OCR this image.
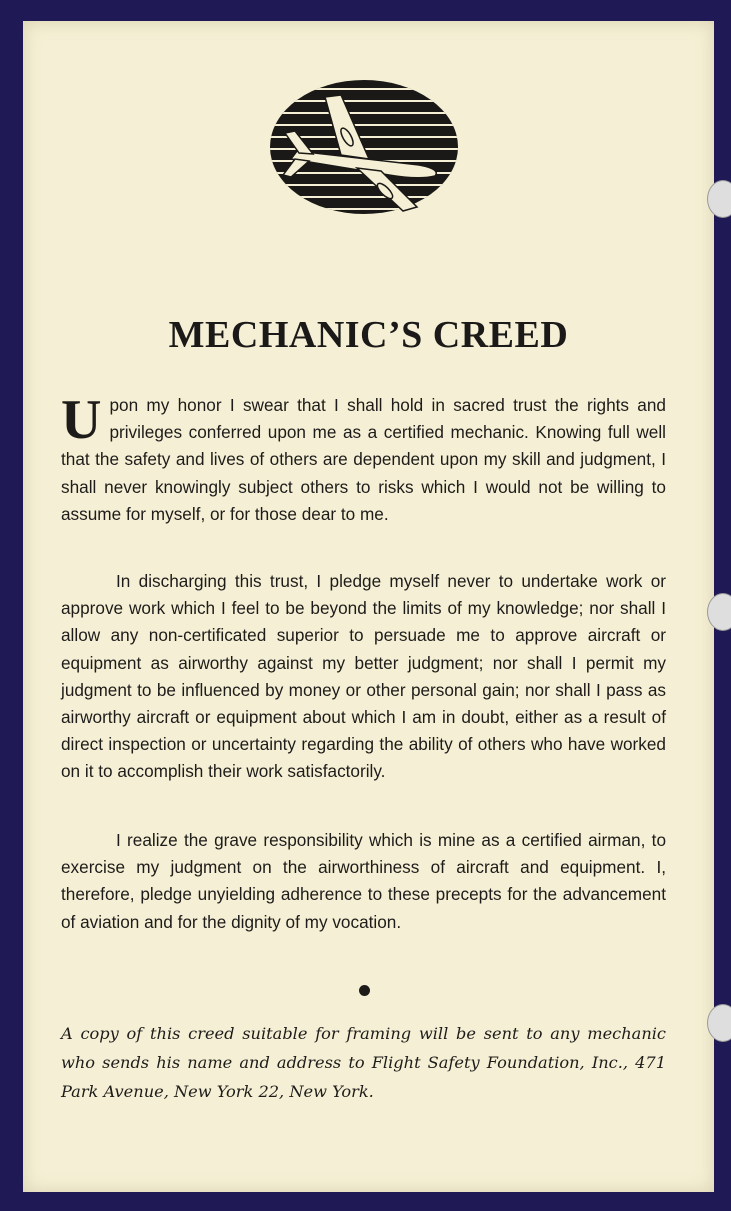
MECHANIC’S CREED

Upon my honor I swear that I shall hold in sacred trust the rights and privileges conferred upon me as a certified mechanic. Knowing full well that the safety and lives of others are dependent upon my skill and judgment, I shall never knowingly subject others to risks which I would not be willing to assume for myself, or for those dear to me.

In discharging this trust, I pledge myself never to undertake work or approve work which I feel to be beyond the limits of my knowledge; nor shall I allow any non-certificated superior to persuade me to approve aircraft or equipment as airworthy against my better judgment; nor shall I permit my judgment to be influenced by money or other personal gain; nor shall I pass as airworthy aircraft or equipment about which I am in doubt, either as a result of direct inspection or uncertainty regarding the ability of others who have worked on it to accomplish their work satisfactorily.

I realize the grave responsibility which is mine as a certified airman, to exercise my judgment on the airworthiness of aircraft and equipment. I, therefore, pledge unyielding adherence to these precepts for the advancement of aviation and for the dignity of my vocation.

A copy of this creed suitable for framing will be sent to any mechanic who sends his name and address to Flight Safety Foundation, Inc., 471 Park Avenue, New York 22, New York.
